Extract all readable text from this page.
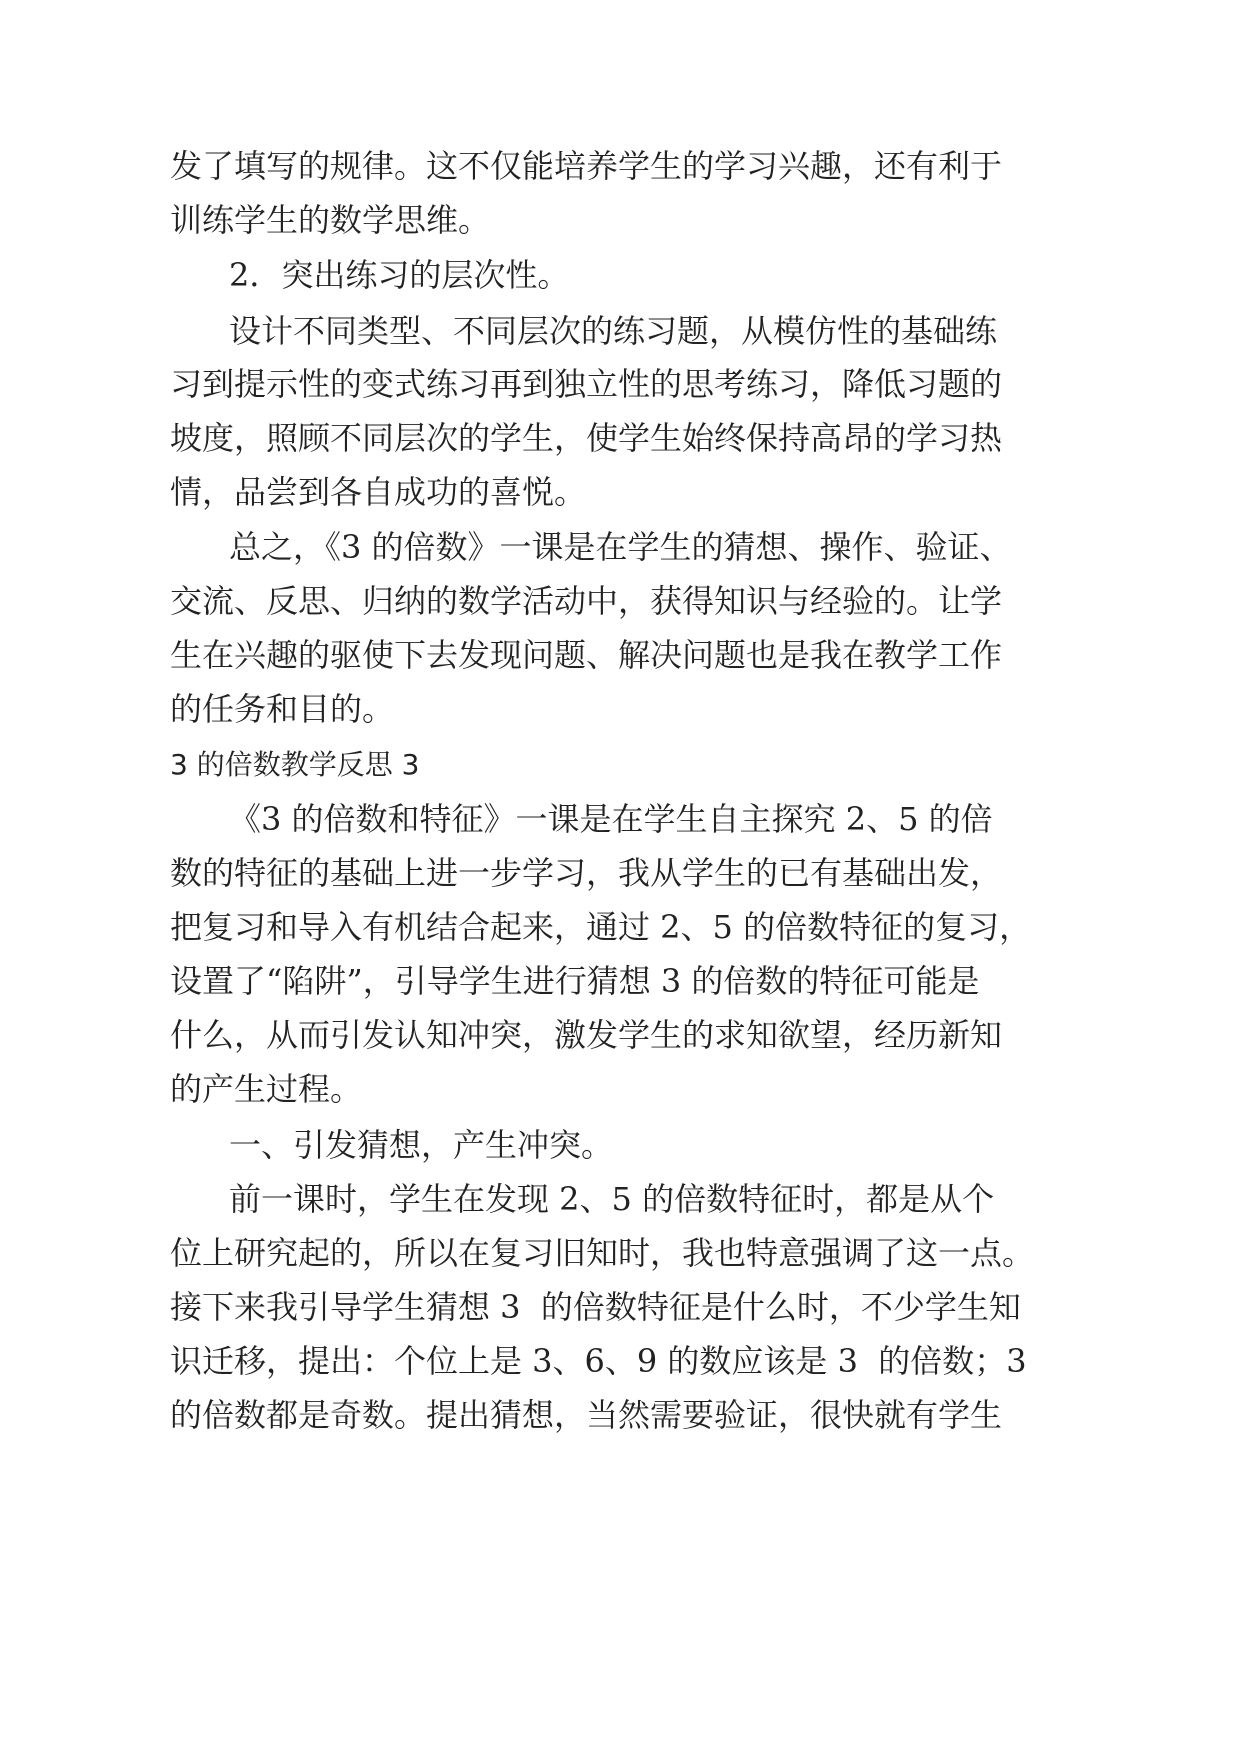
发了填写的规律。这不仅能培养学生的学习兴趣，还有利于
训练学生的数学思维。
2．突出练习的层次性。
设计不同类型、不同层次的练习题，从模仿性的基础练
习到提示性的变式练习再到独立性的思考练习，降低习题的
坡度，照顾不同层次的学生，使学生始终保持高昂的学习热
情，品尝到各自成功的喜悦。
总之，《3 的倍数》一课是在学生的猜想、操作、验证、
交流、反思、归纳的数学活动中，获得知识与经验的。让学
生在兴趣的驱使下去发现问题、解决问题也是我在教学工作
的任务和目的。
3 的倍数教学反思 3
《3 的倍数和特征》一课是在学生自主探究 2、5 的倍
数的特征的基础上进一步学习，我从学生的已有基础出发，
把复习和导入有机结合起来，通过 2、5 的倍数特征的复习，
设置了“陷阱”，引导学生进行猜想 3 的倍数的特征可能是
什么，从而引发认知冲突，激发学生的求知欲望，经历新知
的产生过程。
一、引发猜想，产生冲突。
前一课时，学生在发现 2、5 的倍数特征时，都是从个
位上研究起的，所以在复习旧知时，我也特意强调了这一点。
接下来我引导学生猜想 3  的倍数特征是什么时，不少学生知
识迁移，提出：个位上是 3、6、9 的数应该是 3  的倍数；3
的倍数都是奇数。提出猜想，当然需要验证，很快就有学生
